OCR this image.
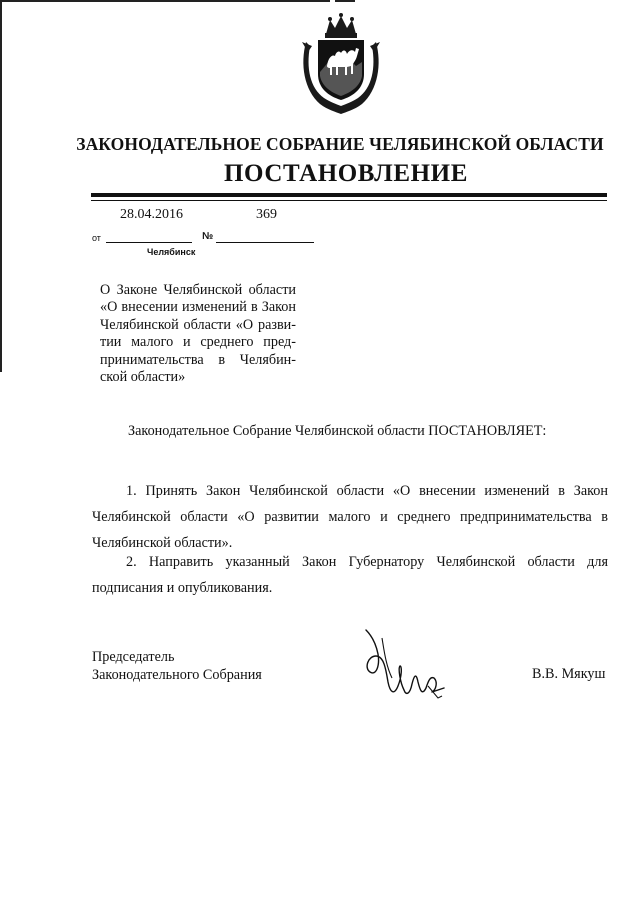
ЗАКОНОДАТЕЛЬНОЕ СОБРАНИЕ ЧЕЛЯБИНСКОЙ ОБЛАСТИ
ПОСТАНОВЛЕНИЕ
28.04.2016	369
от	№
Челябинск
О Законе Челябинской области
«О внесении изменений в Закон
Челябинской области «О разви-
тии малого и среднего пред-
принимательства в Челябин-
ской области»
Законодательное Собрание Челябинской области ПОСТАНОВЛЯЕТ:
1. Принять Закон Челябинской области «О внесении изменений в Закон Челябинской области «О развитии малого и среднего предпринимательства в Челябинской области».
2. Направить указанный Закон Губернатору Челябинской области для подписания и опубликования.
Председатель
Законодательного Собрания	В.В. Мякуш
